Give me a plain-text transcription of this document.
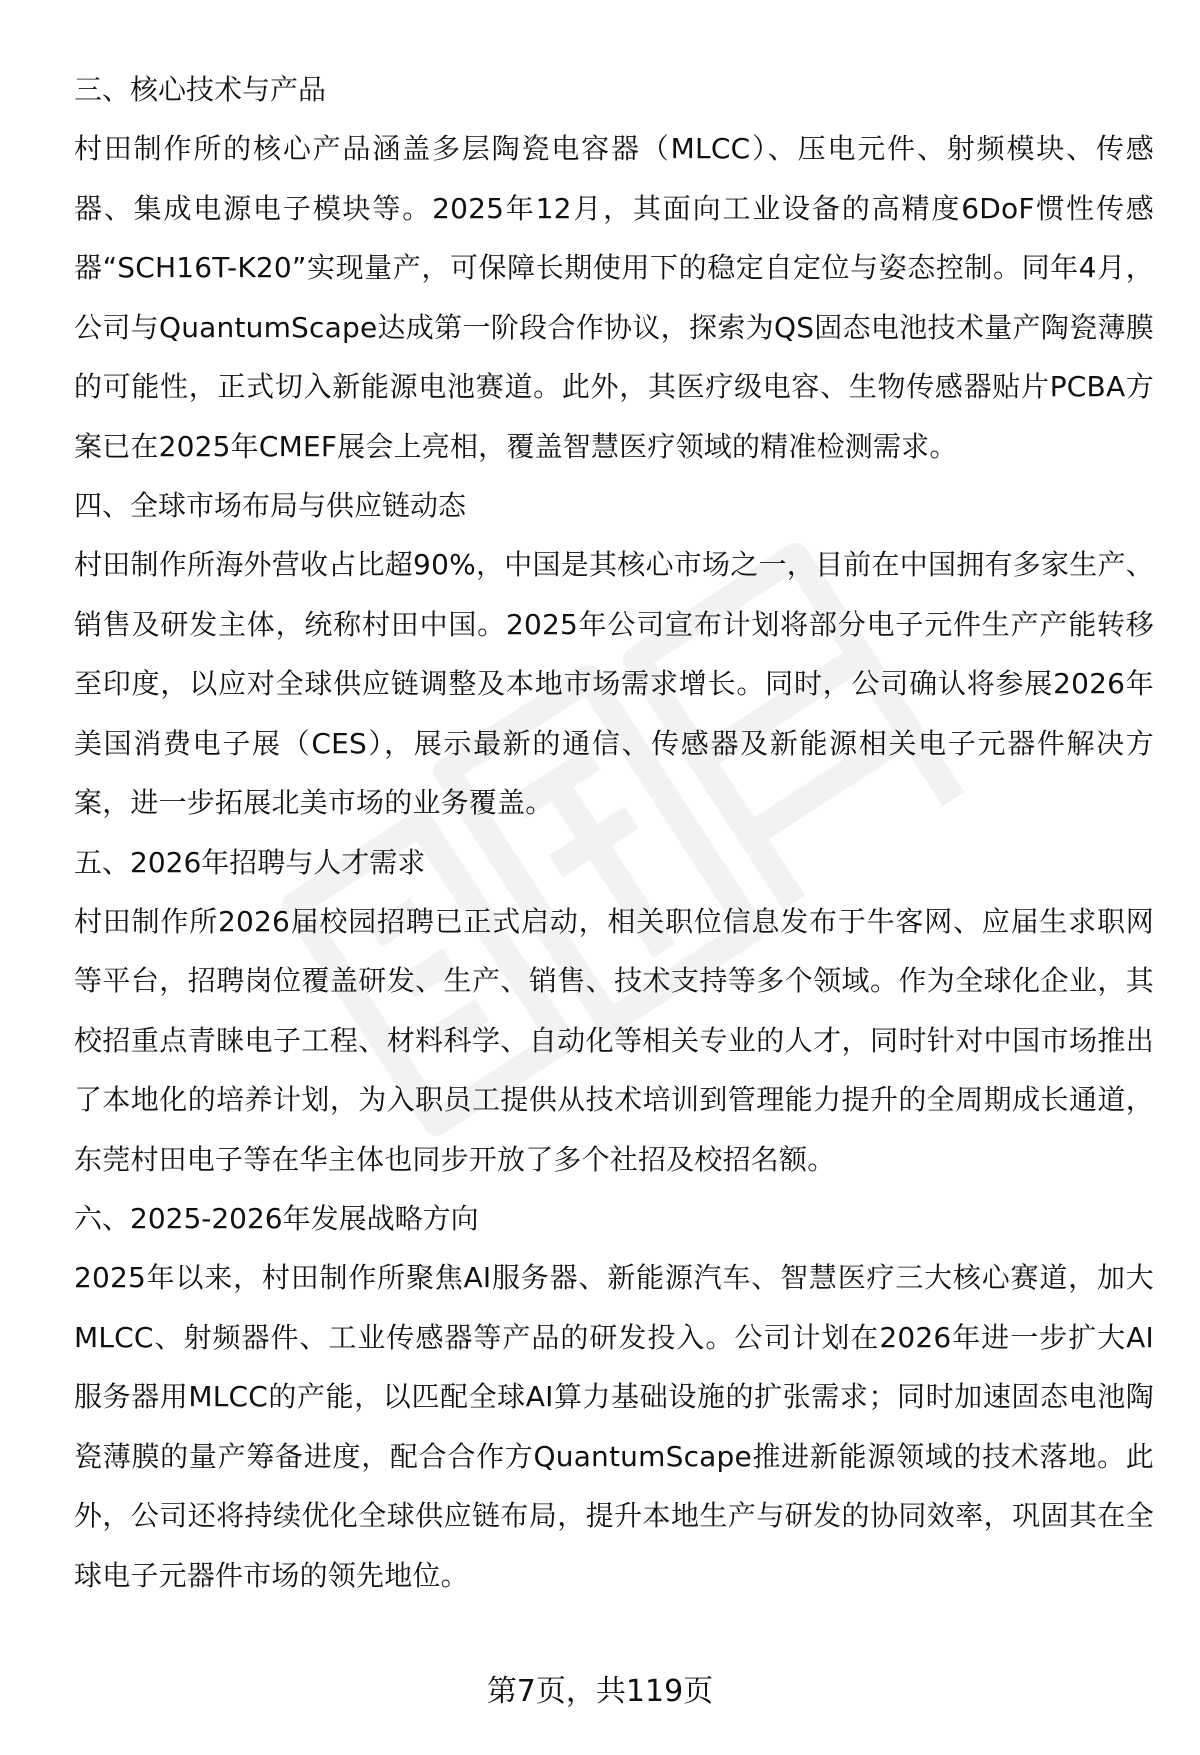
三、核心技术与产品

村田制作所的核心产品涵盖多层陶瓷电容器（MLCC）、压电元件、射频模块、传感器、集成电源电子模块等。2025年12月，其面向工业设备的高精度6DoF惯性传感器“SCH16T-K20”实现量产，可保障长期使用下的稳定自定位与姿态控制。同年4月，公司与QuantumScape达成第一阶段合作协议，探索为QS固态电池技术量产陶瓷薄膜的可能性，正式切入新能源电池赛道。此外，其医疗级电容、生物传感器贴片PCBA方案已在2025年CMEF展会上亮相，覆盖智慧医疗领域的精准检测需求。

四、全球市场布局与供应链动态

村田制作所海外营收占比超90%，中国是其核心市场之一，目前在中国拥有多家生产、销售及研发主体，统称村田中国。2025年公司宣布计划将部分电子元件生产产能转移至印度，以应对全球供应链调整及本地市场需求增长。同时，公司确认将参展2026年美国消费电子展（CES），展示最新的通信、传感器及新能源相关电子元器件解决方案，进一步拓展北美市场的业务覆盖。

五、2026年招聘与人才需求

村田制作所2026届校园招聘已正式启动，相关职位信息发布于牛客网、应届生求职网等平台，招聘岗位覆盖研发、生产、销售、技术支持等多个领域。作为全球化企业，其校招重点青睐电子工程、材料科学、自动化等相关专业的人才，同时针对中国市场推出了本地化的培养计划，为入职员工提供从技术培训到管理能力提升的全周期成长通道，东莞村田电子等在华主体也同步开放了多个社招及校招名额。

六、2025-2026年发展战略方向

2025年以来，村田制作所聚焦AI服务器、新能源汽车、智慧医疗三大核心赛道，加大MLCC、射频器件、工业传感器等产品的研发投入。公司计划在2026年进一步扩大AI服务器用MLCC的产能，以匹配全球AI算力基础设施的扩张需求；同时加速固态电池陶瓷薄膜的量产筹备进度，配合合作方QuantumScape推进新能源领域的技术落地。此外，公司还将持续优化全球供应链布局，提升本地生产与研发的协同效率，巩固其在全球电子元器件市场的领先地位。

第7页，共119页
